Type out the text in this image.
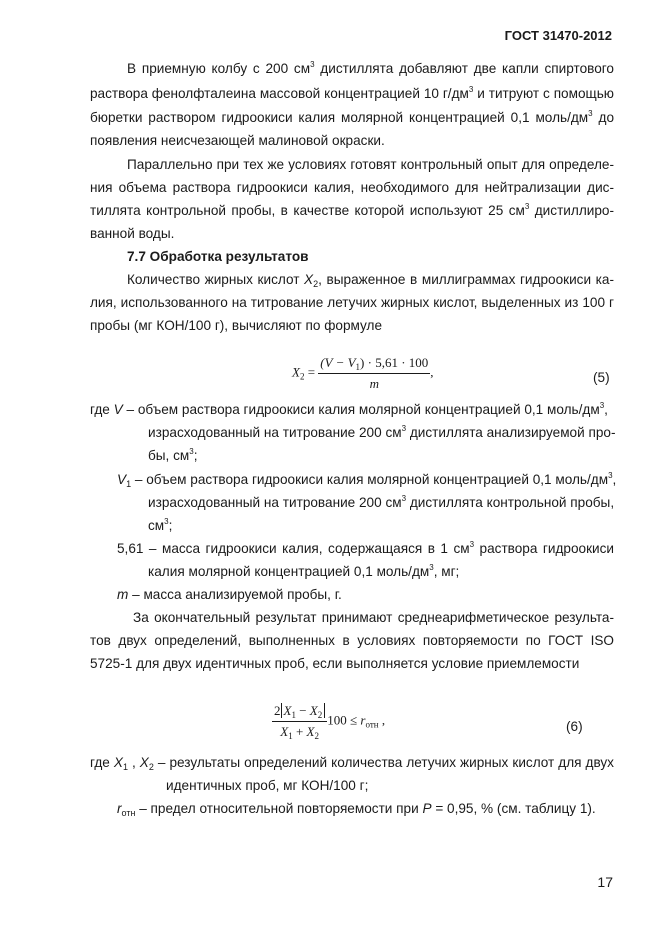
ГОСТ 31470-2012
В приемную колбу с 200 $см^3$ дистиллята добавляют две капли спиртового
раствора фенолфталеина массовой концентрацией 10 $г/дм^3$ и титруют с помощью
бюретки раствором гидроокиси калия молярной концентрацией 0,1 моль/$дм^3$ до
появления неисчезающей малиновой окраски.
Параллельно при тех же условиях готовят контрольный опыт для определе-
ния объема раствора гидроокиси калия, необходимого для нейтрализации дис-
тиллята контрольной пробы, в качестве которой используют 25 $см^3$ дистиллиро-
ванной воды.
7.7 Обработка результатов
Количество жирных кислот $X_2$, выраженное в миллиграммах гидроокиси ка-
лия, использованного на титрование летучих жирных кислот, выделенных из 100 г
пробы (мг КОН/100 г), вычисляют по формуле
$X_2 = \frac{(V - V_1) \cdot 5,61 \cdot 100}{m}$ ,	(5)
где V – объем раствора гидроокиси калия молярной концентрацией 0,1 моль/$дм^3$,
израсходованный на титрование 200 $см^3$ дистиллята анализируемой про-
бы, $см^3$;
$V_1$ – объем раствора гидроокиси калия молярной концентрацией 0,1 моль/$дм^3$,
израсходованный на титрование 200 $см^3$ дистиллята контрольной пробы,
$см^3$;
5,61 – масса гидроокиси калия, содержащаяся в 1 $см^3$ раствора гидроокиси
калия молярной концентрацией 0,1 моль/$дм^3$, мг;
m – масса анализируемой пробы, г.
За окончательный результат принимают среднеарифметическое результа-
тов двух определений, выполненных в условиях повторяемости по ГОСТ ISO
5725-1 для двух идентичных проб, если выполняется условие приемлемости
$\frac{2 X_1 - X_2}{X_1 + X_2} 100 \le r_{отн}$ ,	(6)
где $X_1$ , $X_2$ – результаты определений количества летучих жирных кислот для двух
идентичных проб, мг КОН/100 г;
$r_{отн}$ – предел относительной повторяемости при P = 0,95, % (см. таблицу 1).
17
